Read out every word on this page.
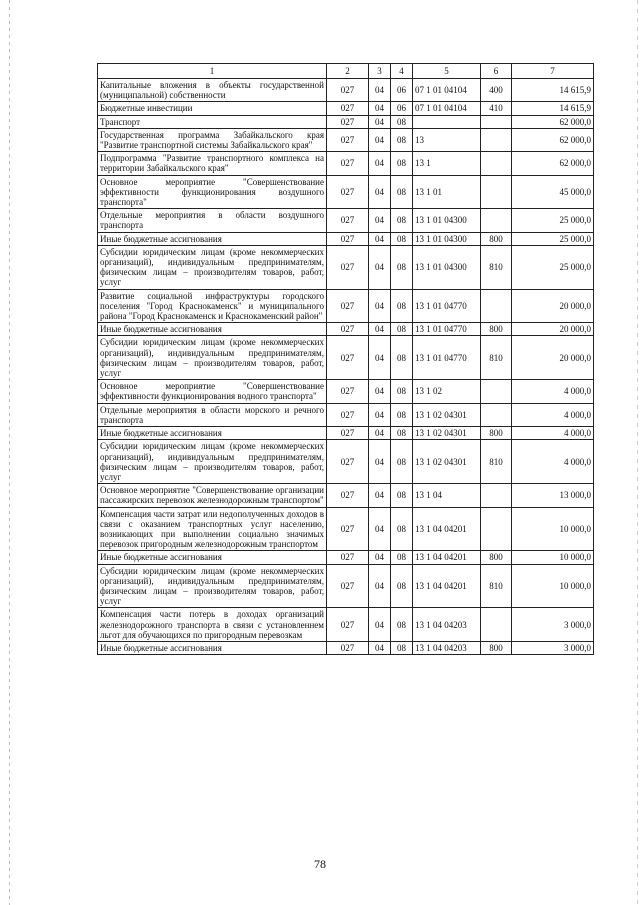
1	2	3	4	5	6	7
Капитальные вложения в объекты государственной (муниципальной) собственности	027	04	06	07 1 01 04104	400	14 615,9
Бюджетные инвестиции	027	04	06	07 1 01 04104	410	14 615,9
Транспорт	027	04	08			62 000,0
Государственная программа Забайкальского края "Развитие транспортной системы Забайкальского края"	027	04	08	13		62 000,0
Подпрограмма "Развитие транспортного комплекса на территории Забайкальского края"	027	04	08	13 1		62 000,0
Основное мероприятие "Совершенствование эффективности функционирования воздушного транспорта"	027	04	08	13 1 01		45 000,0
Отдельные мероприятия в области воздушного транспорта	027	04	08	13 1 01 04300		25 000,0
Иные бюджетные ассигнования	027	04	08	13 1 01 04300	800	25 000,0
Субсидии юридическим лицам (кроме некоммерческих организаций), индивидуальным предпринимателям, физическим лицам – производителям товаров, работ, услуг	027	04	08	13 1 01 04300	810	25 000,0
Развитие социальной инфраструктуры городского поселения "Город Краснокаменск" и муниципального района "Город Краснокаменск и Краснокаменский район"	027	04	08	13 1 01 04770		20 000,0
Иные бюджетные ассигнования	027	04	08	13 1 01 04770	800	20 000,0
Субсидии юридическим лицам (кроме некоммерческих организаций), индивидуальным предпринимателям, физическим лицам – производителям товаров, работ, услуг	027	04	08	13 1 01 04770	810	20 000,0
Основное мероприятие "Совершенствование эффективности функционирования водного транспорта"	027	04	08	13 1 02		4 000,0
Отдельные мероприятия в области морского и речного транспорта	027	04	08	13 1 02 04301		4 000,0
Иные бюджетные ассигнования	027	04	08	13 1 02 04301	800	4 000,0
Субсидии юридическим лицам (кроме некоммерческих организаций), индивидуальным предпринимателям, физическим лицам – производителям товаров, работ, услуг	027	04	08	13 1 02 04301	810	4 000,0
Основное мероприятие "Совершенствование организации пассажирских перевозок железнодорожным транспортом"	027	04	08	13 1 04		13 000,0
Компенсация части затрат или недополученных доходов в связи с оказанием транспортных услуг населению, возникающих при выполнении социально значимых перевозок пригородным железнодорожным транспортом	027	04	08	13 1 04 04201		10 000,0
Иные бюджетные ассигнования	027	04	08	13 1 04 04201	800	10 000,0
Субсидии юридическим лицам (кроме некоммерческих организаций), индивидуальным предпринимателям, физическим лицам – производителям товаров, работ, услуг	027	04	08	13 1 04 04201	810	10 000,0
Компенсация части потерь в доходах организаций железнодорожного транспорта в связи с установленнем льгот для обучающихся по пригородным перевозкам	027	04	08	13 1 04 04203		3 000,0
Иные бюджетные ассигнования	027	04	08	13 1 04 04203	800	3 000,0
78
